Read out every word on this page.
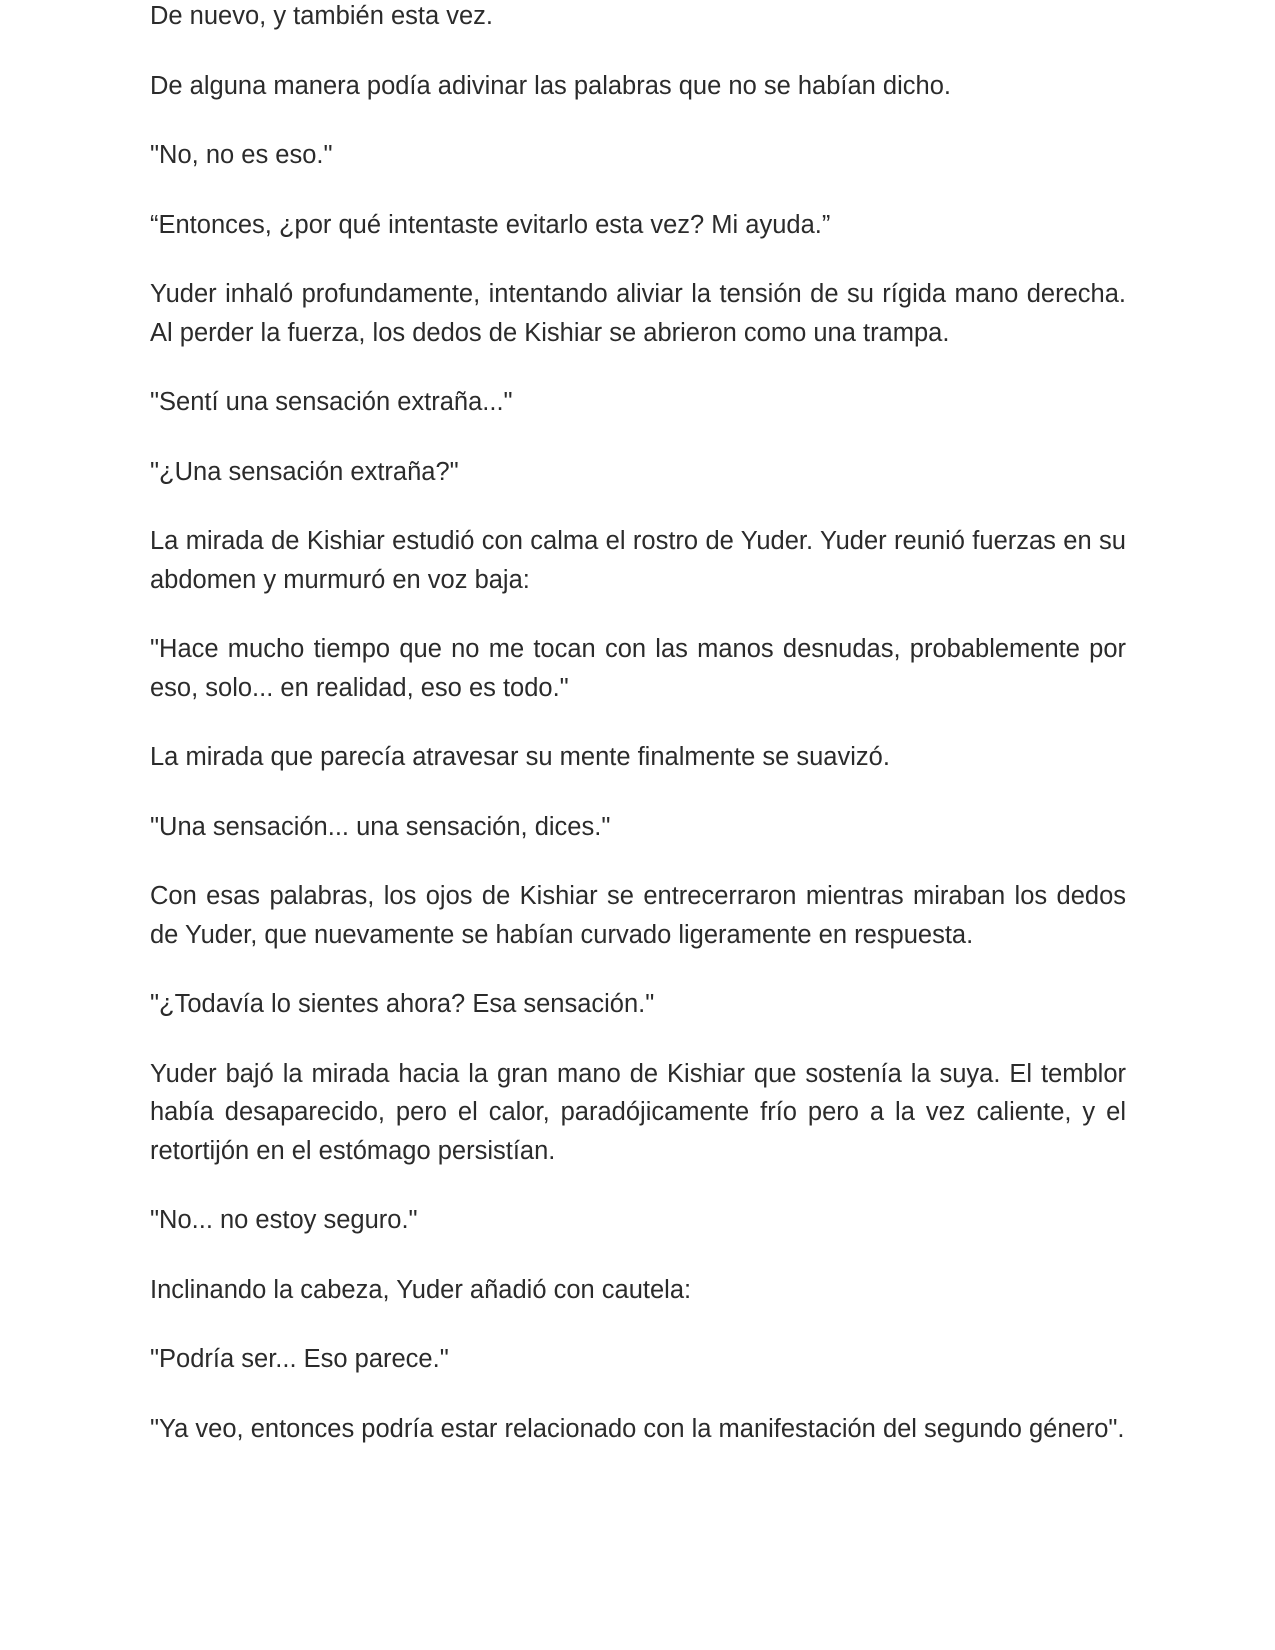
De nuevo, y también esta vez.

De alguna manera podía adivinar las palabras que no se habían dicho.

"No, no es eso."

“Entonces, ¿por qué intentaste evitarlo esta vez? Mi ayuda.”

Yuder inhaló profundamente, intentando aliviar la tensión de su rígida mano derecha. Al perder la fuerza, los dedos de Kishiar se abrieron como una trampa.

"Sentí una sensación extraña..."

"¿Una sensación extraña?"

La mirada de Kishiar estudió con calma el rostro de Yuder. Yuder reunió fuerzas en su abdomen y murmuró en voz baja:

"Hace mucho tiempo que no me tocan con las manos desnudas, probablemente por eso, solo... en realidad, eso es todo."

La mirada que parecía atravesar su mente finalmente se suavizó.

"Una sensación... una sensación, dices."

Con esas palabras, los ojos de Kishiar se entrecerraron mientras miraban los dedos de Yuder, que nuevamente se habían curvado ligeramente en respuesta.

"¿Todavía lo sientes ahora? Esa sensación."

Yuder bajó la mirada hacia la gran mano de Kishiar que sostenía la suya. El temblor había desaparecido, pero el calor, paradójicamente frío pero a la vez caliente, y el retortijón en el estómago persistían.

"No... no estoy seguro."

Inclinando la cabeza, Yuder añadió con cautela:

"Podría ser... Eso parece."

"Ya veo, entonces podría estar relacionado con la manifestación del segundo género".
